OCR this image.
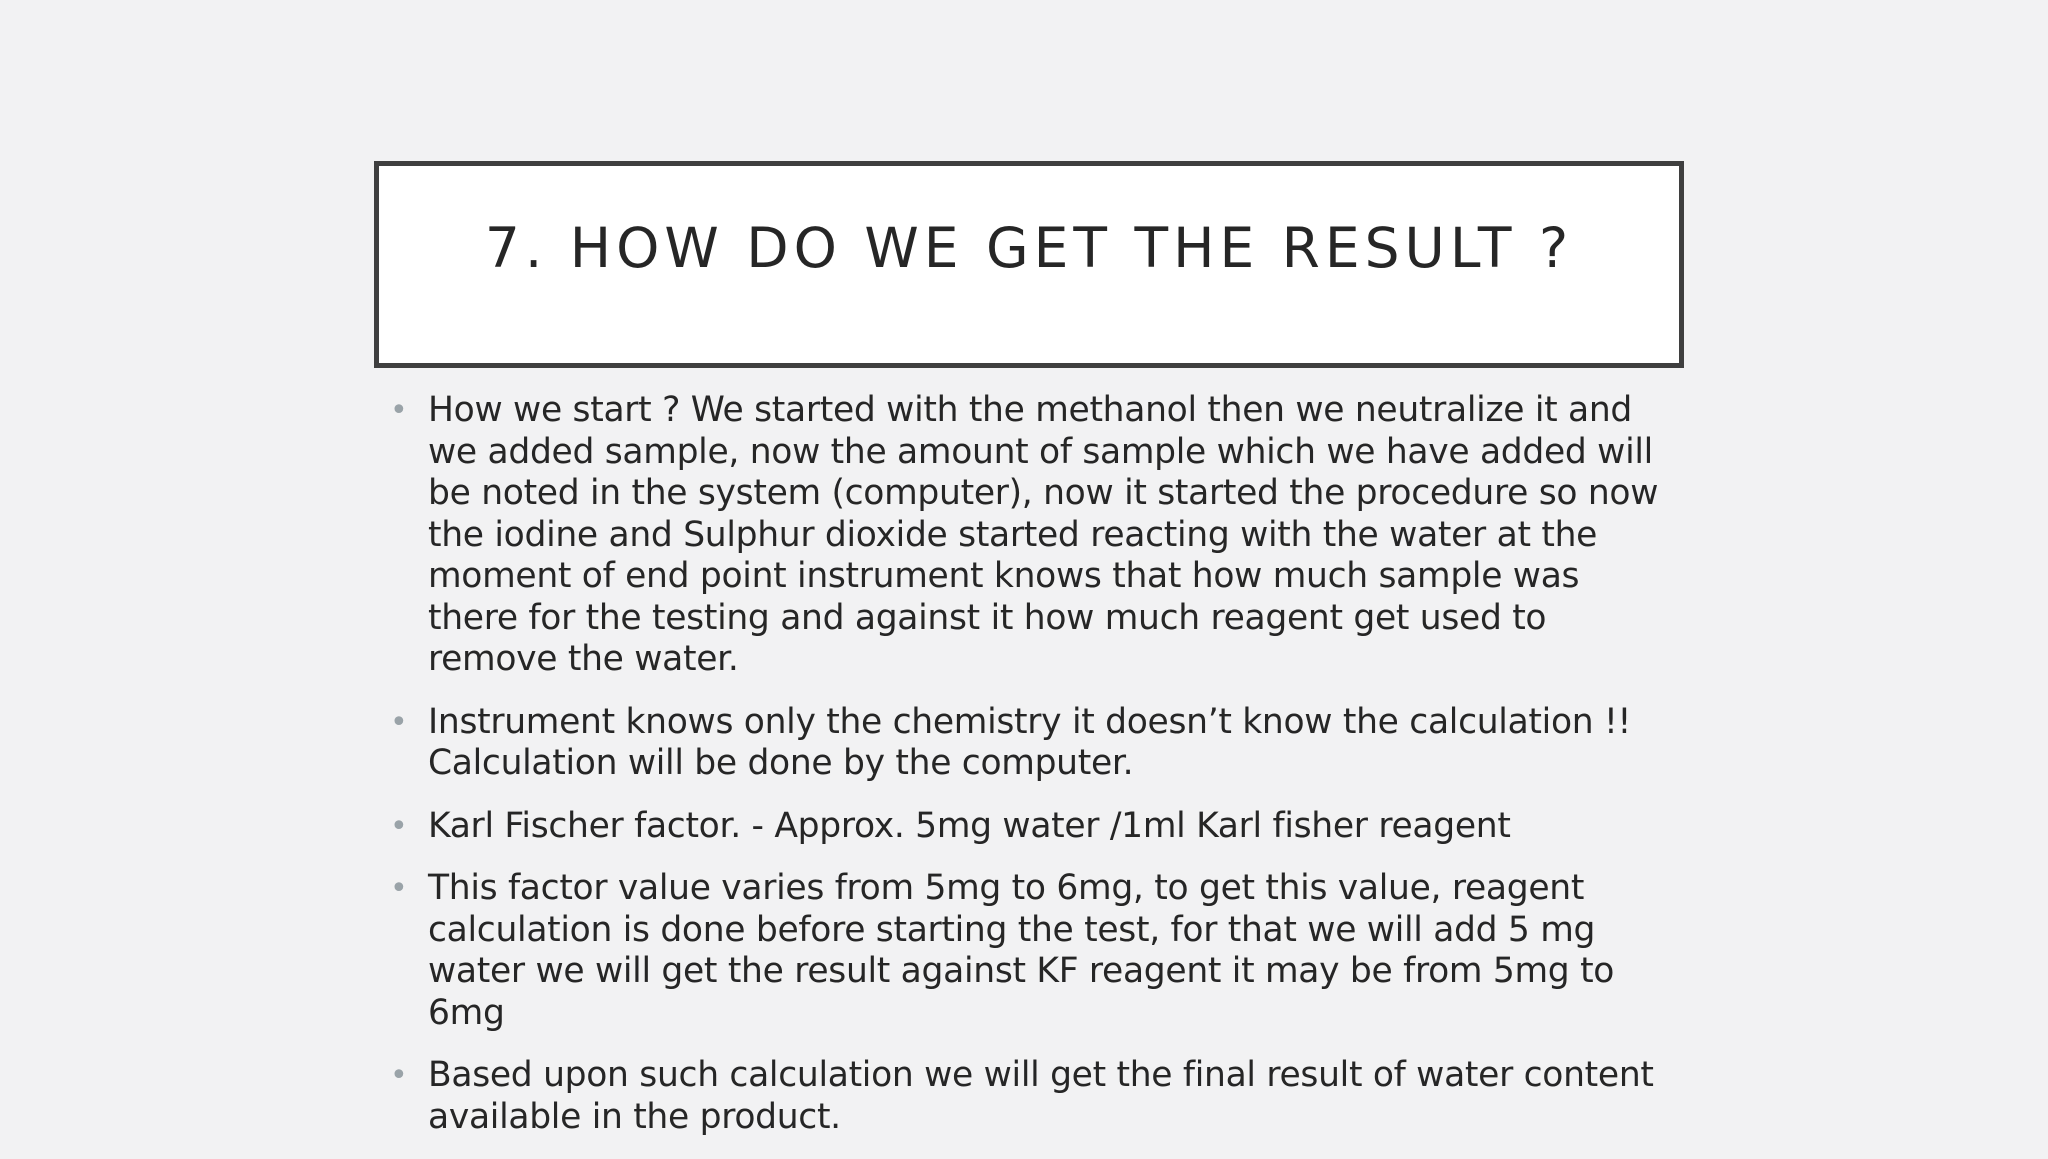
7. HOW DO WE GET THE RESULT ?
• How we start ? We started with the methanol then we neutralize it and
we added sample, now the amount of sample which we have added will
be noted in the system (computer), now it started the procedure so now
the iodine and Sulphur dioxide started reacting with the water at the
moment of end point instrument knows that how much sample was
there for the testing and against it how much reagent get used to
remove the water.
• Instrument knows only the chemistry it doesn’t know the calculation !!
Calculation will be done by the computer.
• Karl Fischer factor. - Approx. 5mg water /1ml Karl fisher reagent
• This factor value varies from 5mg to 6mg, to get this value, reagent
calculation is done before starting the test, for that we will add 5 mg
water we will get the result against KF reagent it may be from 5mg to
6mg
• Based upon such calculation we will get the final result of water content
available in the product.
